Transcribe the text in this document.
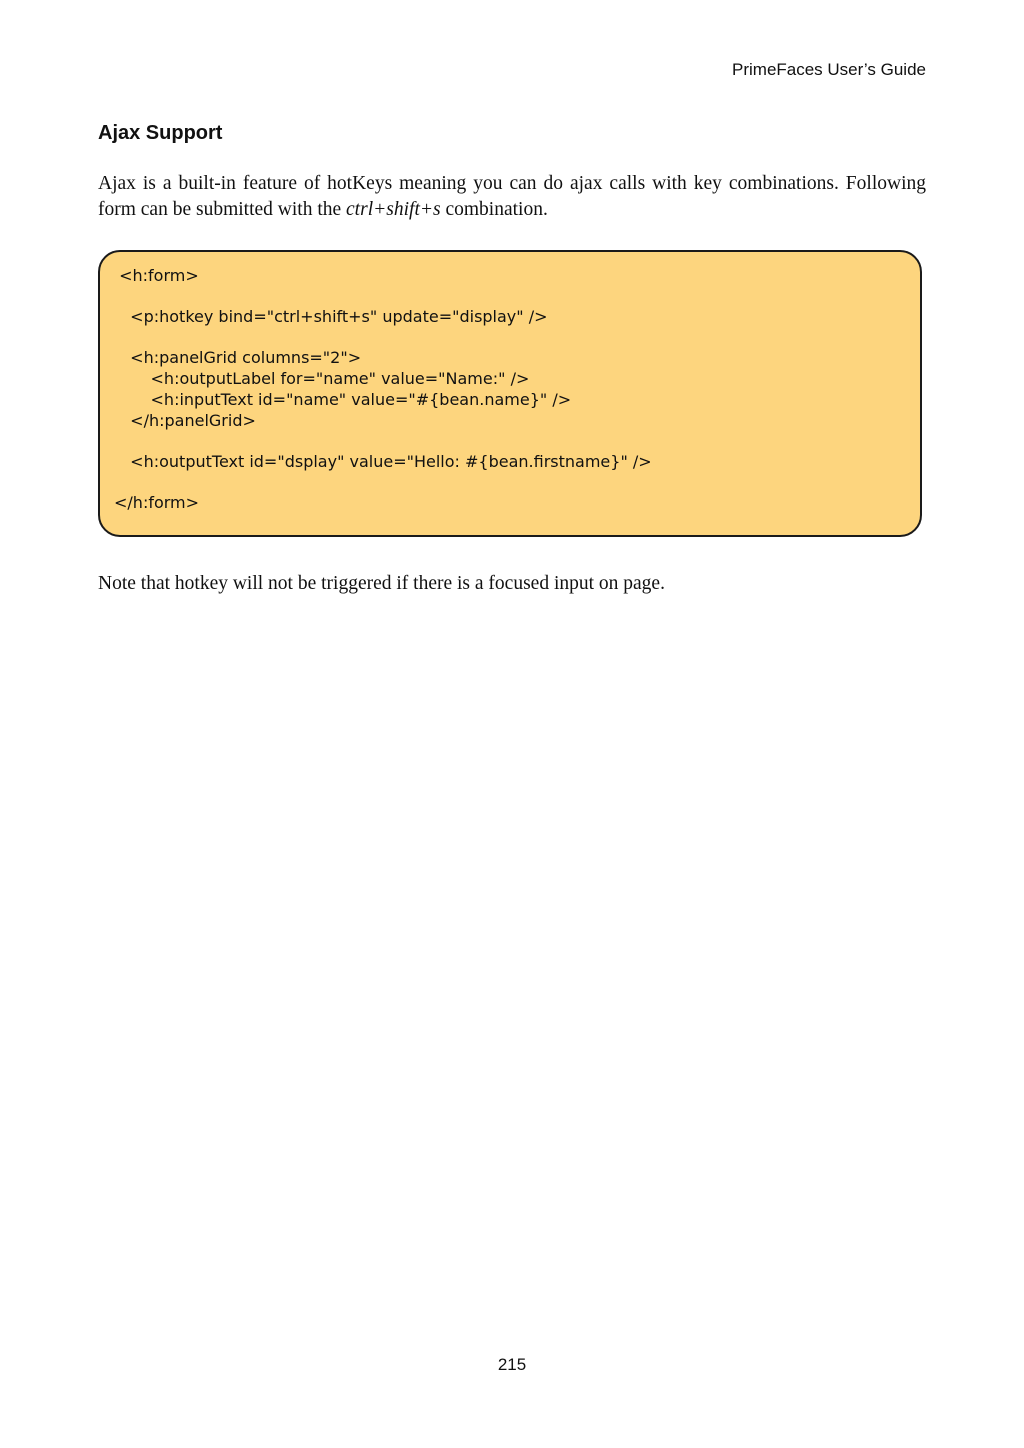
PrimeFaces User’s Guide
Ajax Support

Ajax is a built-in feature of hotKeys meaning you can do ajax calls with key combinations. Following form can be submitted with the ctrl+shift+s combination.

<h:form>
<p:hotkey bind="ctrl+shift+s" update="display" />
<h:panelGrid columns="2">
<h:outputLabel for="name" value="Name:" />
<h:inputText id="name" value="#{bean.name}" />
</h:panelGrid>
<h:outputText id="dsplay" value="Hello: #{bean.firstname}" />
</h:form>

Note that hotkey will not be triggered if there is a focused input on page.

215
